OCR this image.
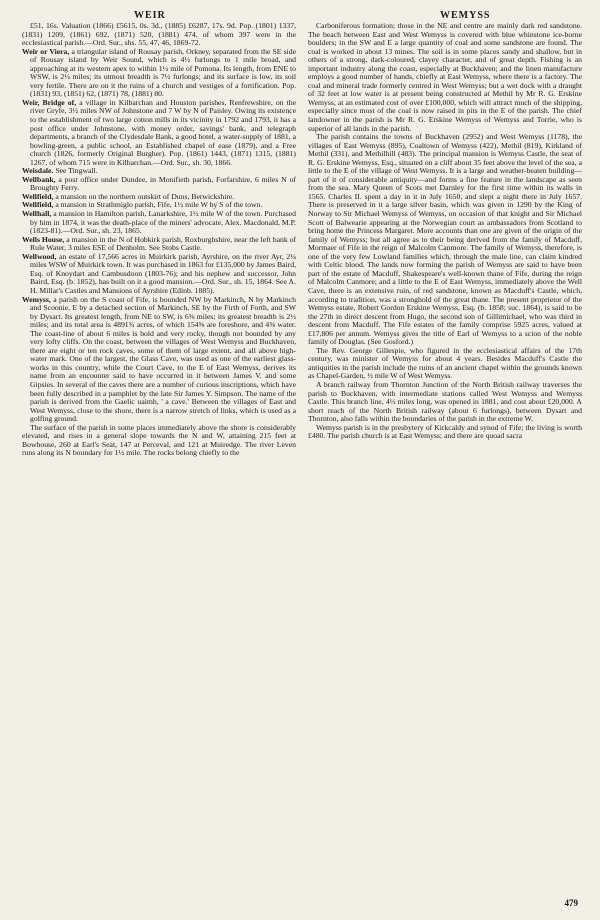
WEIR	WEMYSS

£51, 16s. Valuation (1866) £5615, 0s. 3d., (1885) £6287, 17s. 9d. Pop. (1801) 1337, (1831) 1209, (1861) 692, (1871) 520, (1881) 474, of whom 397 were in the ecclesiastical parish.—Ord. Sur., shs. 55, 47, 46, 1869-72.

Weir or Viera, a triangular island of Rousay parish, Orkney, separated from the SE side of Rousay island by Weir Sound, which is 4½ furlongs to 1 mile broad, and approaching at its western apex to within 1½ mile of Pomona. Its length, from ENE to WSW, is 2½ miles; its utmost breadth is 7½ furlongs; and its surface is low, its soil very fertile. There are on it the ruins of a church and vestiges of a fortification. Pop. (1831) 93, (1851) 62, (1871) 78, (1881) 80.

Weir, Bridge of, a village in Kilbarchan and Houston parishes, Renfrewshire, on the river Gryfe, 3½ miles NW of Johnstone and 7 W by N of Paisley. Owing its existence to the establishment of two large cotton mills in its vicinity in 1792 and 1793, it has a post office under Johnstone, with money order, savings' bank, and telegraph departments, a branch of the Clydesdale Bank, a good hotel, a water-supply of 1881, a bowling-green, a public school, an Established chapel of ease (1879), and a Free church (1826, formerly Original Burgher). Pop. (1861) 1443, (1871) 1315, (1881) 1267, of whom 715 were in Kilbarchan.—Ord. Sur., sh. 30, 1866.

Weisdale. See Tingwall.

Wellbank, a post office under Dundee, in Monifieth parish, Forfarshire, 6 miles N of Broughty Ferry.

Wellfield, a mansion on the northern outskirt of Duns, Berwickshire.

Wellfield, a mansion in Strathmiglo parish, Fife, 1½ mile W by S of the town.

Wellhall, a mansion in Hamilton parish, Lanarkshire, 1½ mile W of the town. Purchased by him in 1874, it was the death-place of the miners' advocate, Alex. Macdonald, M.P. (1823-81).—Ord. Sur., sh. 23, 1865.

Wells House, a mansion in the N of Hobkirk parish, Roxburghshire, near the left bank of Rule Water, 3 miles ESE of Denholm. See Stobs Castle.

Wellwood, an estate of 17,566 acres in Muirkirk parish, Ayrshire, on the river Ayr, 2¼ miles WSW of Muirkirk town. It was purchased in 1863 for £135,000 by James Baird, Esq. of Knoydart and Cambusdoon (1803-76); and his nephew and successor, John Baird, Esq. (b. 1852), has built on it a good mansion.—Ord. Sur., sh. 15, 1864. See A. H. Millar's Castles and Mansions of Ayrshire (Edinb. 1885).

Wemyss, a parish on the S coast of Fife, is bounded NW by Markinch, N by Markinch and Scoonie, E by a detached section of Markinch, SE by the Firth of Forth, and SW by Dysart. Its greatest length, from NE to SW, is 6⅜ miles; its greatest breadth is 2½ miles; and its total area is 4891¾ acres, of which 154⅝ are foreshore, and 4⅝ water. The coast-line of about 6 miles is bold and very rocky, though not bounded by any very lofty cliffs. On the coast, between the villages of West Wemyss and Buckhaven, there are eight or ten rock caves, some of them of large extent, and all above high-water mark. One of the largest, the Glass Cave, was used as one of the earliest glass-works in this country, while the Court Cave, to the E of East Wemyss, derives its name from an encounter said to have occurred in it between James V. and some Gipsies. In several of the caves there are a number of curious inscriptions, which have been fully described in a pamphlet by the late Sir James Y. Simpson. The name of the parish is derived from the Gaelic uaimh, ' a cave.' Between the villages of East and West Wemyss, close to the shore, there is a narrow stretch of links, which is used as a golfing ground.

The surface of the parish in some places immediately above the shore is considerably elevated, and rises in a general slope towards the N and W, attaining 215 feet at Bowhouse, 260 at Earl's Seat, 147 at Perceval, and 121 at Muiredge. The river Leven runs along its N boundary for 1½ mile. The rocks belong chiefly to the

Carboniferous formation; those in the NE and centre are mainly dark red sandstone. The beach between East and West Wemyss is covered with blue whinstone ice-borne boulders; in the SW and E a large quantity of coal and some sandstone are found. The coal is worked in about 13 mines. The soil is in some places sandy and shallow, but in others of a strong, dark-coloured, clayey character, and of great depth. Fishing is an important industry along the coast, especially at Buckhaven; and the linen manufacture employs a good number of hands, chiefly at East Wemyss, where there is a factory. The coal and mineral trade formerly centred in West Wemyss; but a wet dock with a draught of 32 feet at low water is at present being constructed at Methil by Mr R. G. Erskine Wemyss, at an estimated cost of over £100,000, which will attract much of the shipping, especially since most of the coal is now raised in pits in the E of the parish. The chief landowner in the parish is Mr R. G. Erskine Wemyss of Wemyss and Torrie, who is superior of all lands in the parish.

The parish contains the towns of Buckhaven (2952) and West Wemyss (1178), the villages of East Wemyss (895), Coaltown of Wemyss (422), Methil (819), Kirkland of Methil (331), and Methilhill (483). The principal mansion is Wemyss Castle, the seat of R. G. Erskine Wemyss, Esq., situated on a cliff about 35 feet above the level of the sea, a little to the E of the village of West Wemyss. It is a large and weather-beaten building—part of it of considerable antiquity—and forms a fine feature in the landscape as seen from the sea. Mary Queen of Scots met Darnley for the first time within its walls in 1565. Charles II. spent a day in it in July 1650, and slept a night there in July 1657. There is preserved in it a large silver basin, which was given in 1290 by the King of Norway to Sir Michael Wemyss of Wemyss, on occasion of that knight and Sir Michael Scott of Balwearie appearing at the Norwegian court as ambassadors from Scotland to bring home the Princess Margaret. More accounts than one are given of the origin of the family of Wemyss; but all agree as to their being derived from the family of Macduff, Mormaer of Fife in the reign of Malcolm Canmore. The family of Wemyss, therefore, is one of the very few Lowland families which, through the male line, can claim kindred with Celtic blood. The lands now forming the parish of Wemyss are said to have been part of the estate of Macduff, Shakespeare's well-known thane of Fife, during the reign of Malcolm Canmore; and a little to the E of East Wemyss, immediately above the Well Cave, there is an extensive ruin, of red sandstone, known as Macduff's Castle, which, according to tradition, was a stronghold of the great thane. The present proprietor of the Wemyss estate, Robert Gordon Erskine Wemyss, Esq. (b. 1858; suc. 1864), is said to be the 27th in direct descent from Hugo, the second son of Gillimichael, who was third in descent from Macduff. The Fife estates of the family comprise 5925 acres, valued at £17,806 per annum. Wemyss gives the title of Earl of Wemyss to a scion of the noble family of Douglas. (See Gosford.)

The Rev. George Gillespie, who figured in the ecclesiastical affairs of the 17th century, was minister of Wemyss for about 4 years. Besides Macduff's Castle the antiquities in the parish include the ruins of an ancient chapel within the grounds known as Chapel-Garden, ½ mile W of West Wemyss.

A branch railway from Thornton Junction of the North British railway traverses the parish to Buckhaven, with intermediate stations called West Wemyss and Wemyss Castle. This branch line, 4½ miles long, was opened in 1881, and cost about £20,000. A short reach of the North British railway (about 6 furlongs), between Dysart and Thornton, also falls within the boundaries of the parish in the extreme W.

Wemyss parish is in the presbytery of Kirkcaldy and synod of Fife; the living is worth £480. The parish church is at East Wemyss; and there are quoad sacra

479
